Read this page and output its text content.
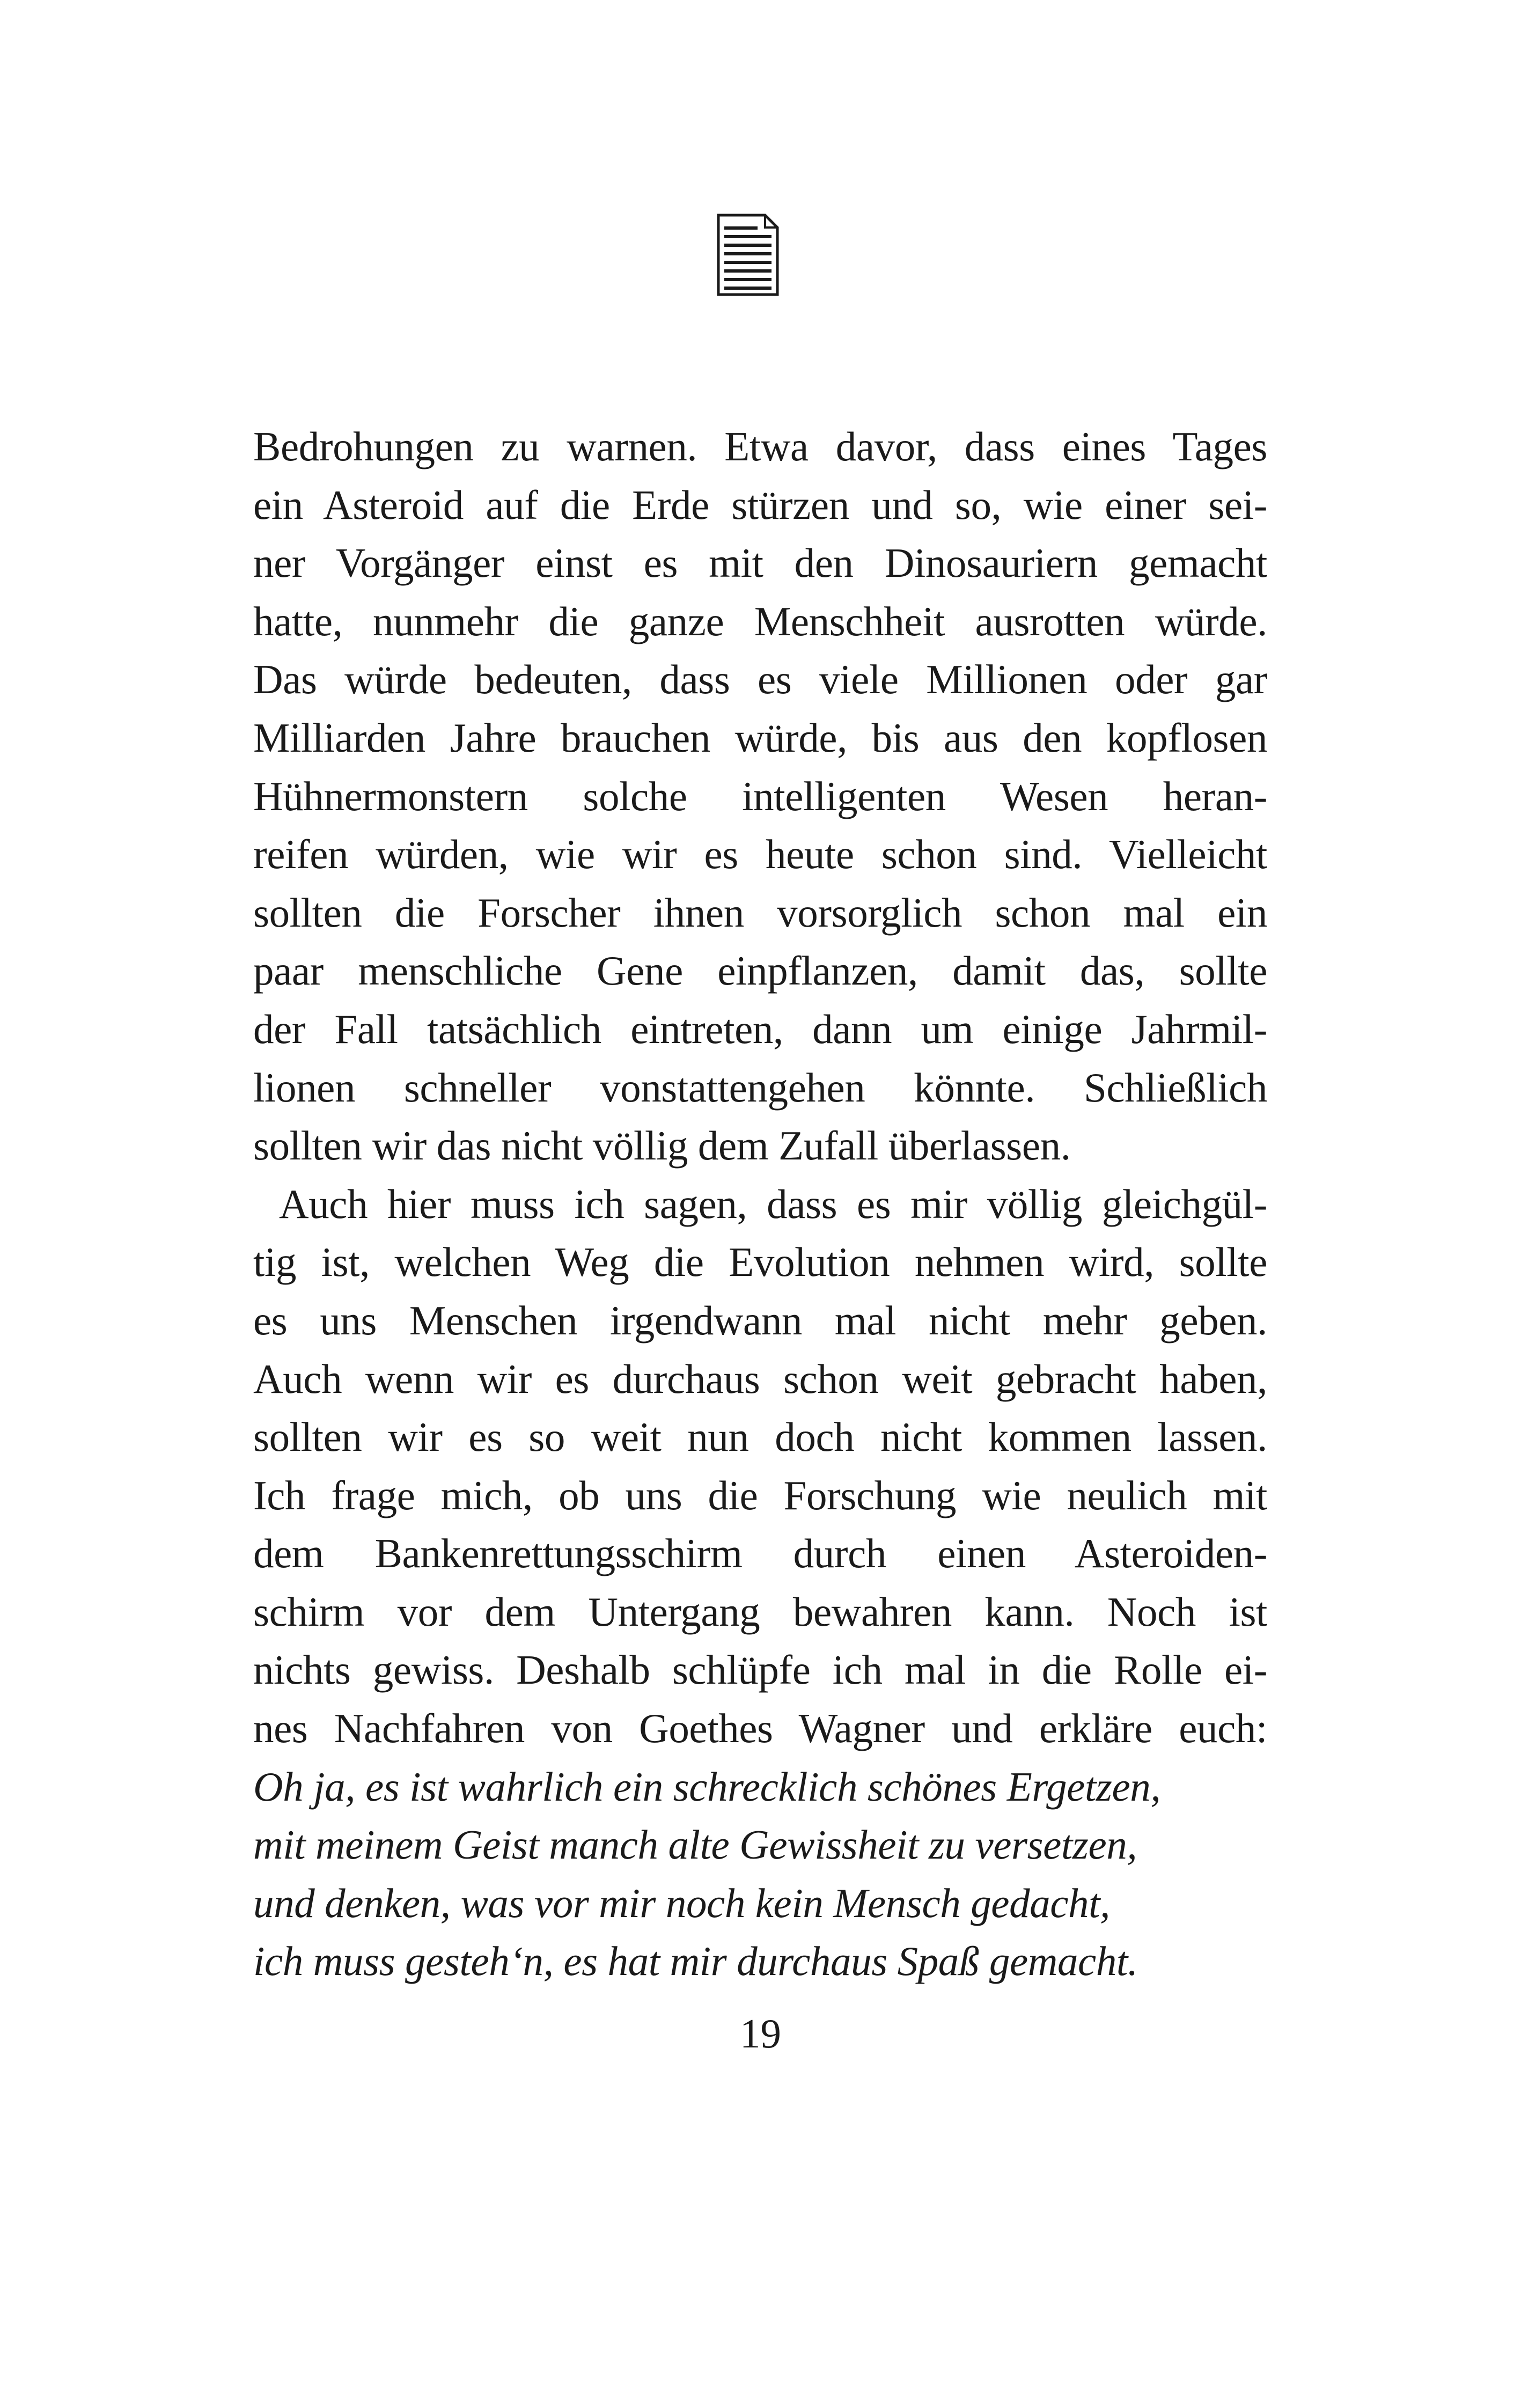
Bedrohungen zu warnen. Etwa davor, dass eines Tages
ein Asteroid auf die Erde stürzen und so, wie einer sei-
ner Vorgänger einst es mit den Dinosauriern gemacht
hatte, nunmehr die ganze Menschheit ausrotten würde.
Das würde bedeuten, dass es viele Millionen oder gar
Milliarden Jahre brauchen würde, bis aus den kopflosen
Hühnermonstern solche intelligenten Wesen heran-
reifen würden, wie wir es heute schon sind. Vielleicht
sollten die Forscher ihnen vorsorglich schon mal ein
paar menschliche Gene einpflanzen, damit das, sollte
der Fall tatsächlich eintreten, dann um einige Jahrmil-
lionen schneller vonstattengehen könnte. Schließlich
sollten wir das nicht völlig dem Zufall überlassen.
Auch hier muss ich sagen, dass es mir völlig gleichgül-
tig ist, welchen Weg die Evolution nehmen wird, sollte
es uns Menschen irgendwann mal nicht mehr geben.
Auch wenn wir es durchaus schon weit gebracht haben,
sollten wir es so weit nun doch nicht kommen lassen.
Ich frage mich, ob uns die Forschung wie neulich mit
dem Bankenrettungsschirm durch einen Asteroiden-
schirm vor dem Untergang bewahren kann. Noch ist
nichts gewiss. Deshalb schlüpfe ich mal in die Rolle ei-
nes Nachfahren von Goethes Wagner und erkläre euch:
Oh ja, es ist wahrlich ein schrecklich schönes Ergetzen,
mit meinem Geist manch alte Gewissheit zu versetzen,
und denken, was vor mir noch kein Mensch gedacht,
ich muss gesteh‘n, es hat mir durchaus Spaß gemacht.
19
